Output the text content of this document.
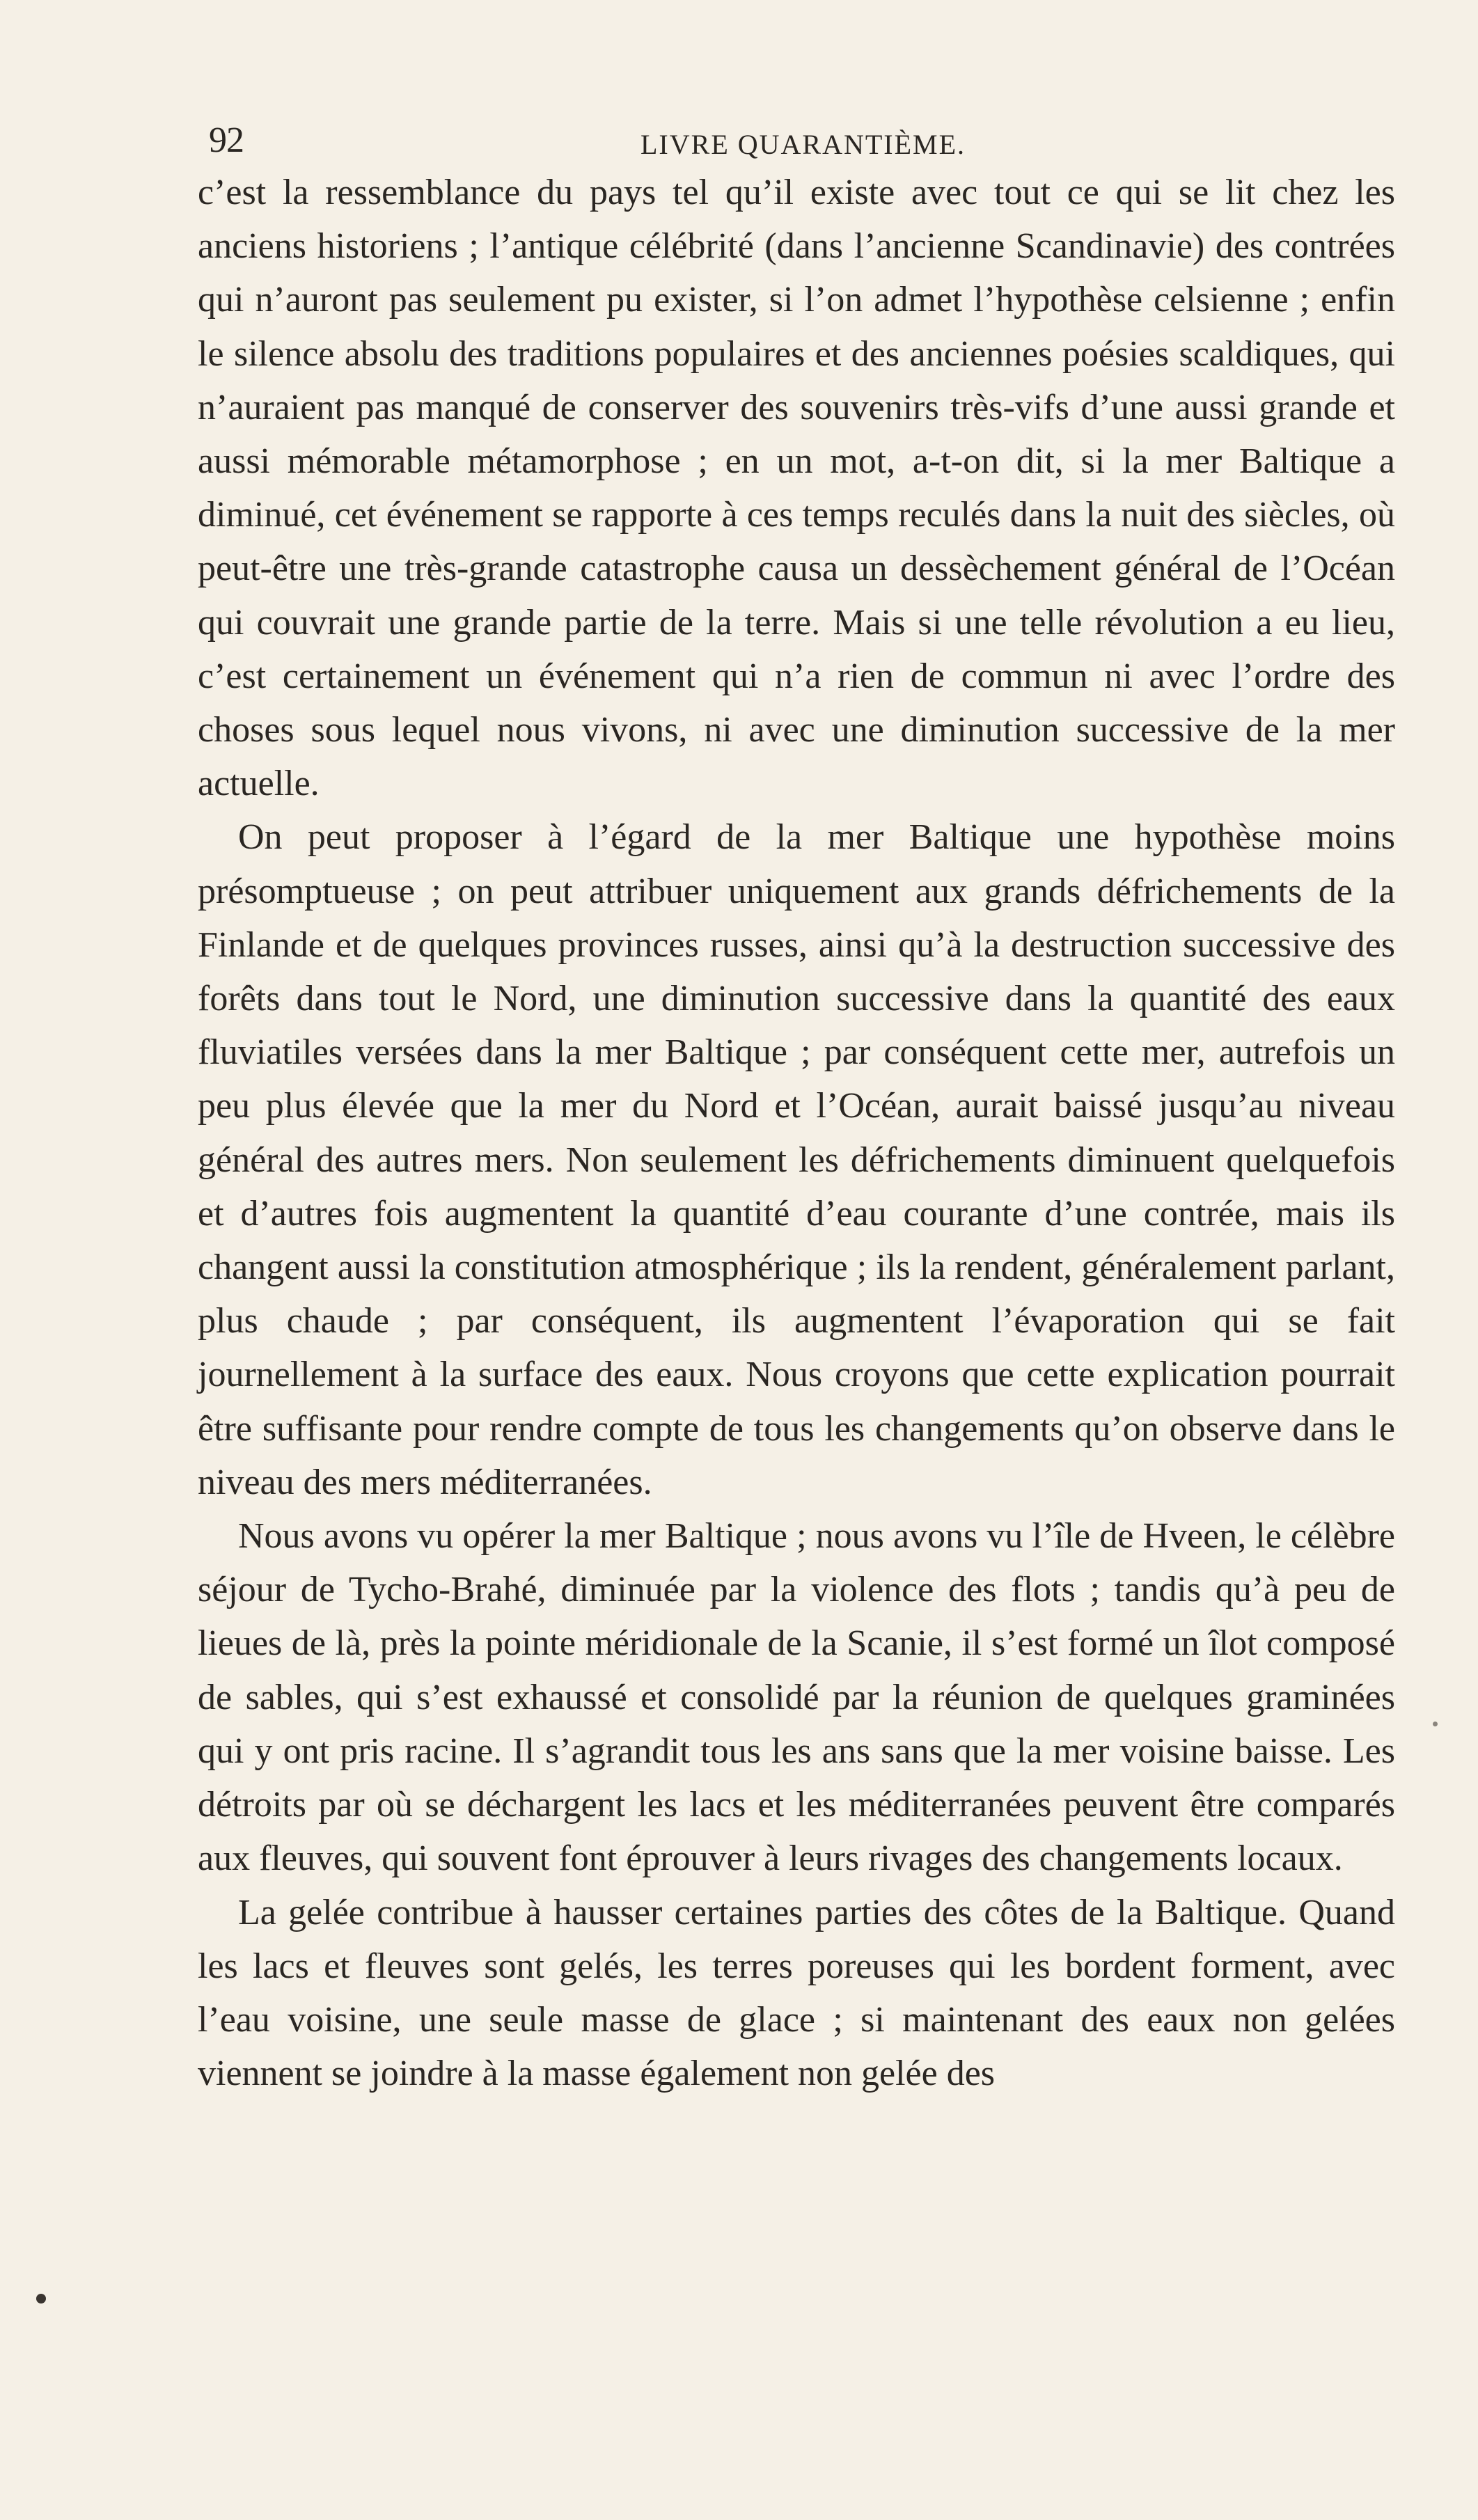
92	LIVRE QUARANTIÈME.

c’est la ressemblance du pays tel qu’il existe avec tout ce qui se lit chez les anciens historiens ; l’antique célébrité (dans l’ancienne Scandinavie) des contrées qui n’auront pas seulement pu exister, si l’on admet l’hypothèse celsienne ; enfin le silence absolu des traditions populaires et des anciennes poésies scaldiques, qui n’auraient pas manqué de conserver des souvenirs très-vifs d’une aussi grande et aussi mémorable métamorphose ; en un mot, a-t-on dit, si la mer Baltique a diminué, cet événement se rapporte à ces temps reculés dans la nuit des siècles, où peut-être une très-grande catastrophe causa un dessèchement général de l’Océan qui couvrait une grande partie de la terre. Mais si une telle révolution a eu lieu, c’est certainement un événement qui n’a rien de commun ni avec l’ordre des choses sous lequel nous vivons, ni avec une diminution successive de la mer actuelle.

On peut proposer à l’égard de la mer Baltique une hypothèse moins présomptueuse ; on peut attribuer uniquement aux grands défrichements de la Finlande et de quelques provinces russes, ainsi qu’à la destruction successive des forêts dans tout le Nord, une diminution successive dans la quantité des eaux fluviatiles versées dans la mer Baltique ; par conséquent cette mer, autrefois un peu plus élevée que la mer du Nord et l’Océan, aurait baissé jusqu’au niveau général des autres mers. Non seulement les défrichements diminuent quelquefois et d’autres fois augmentent la quantité d’eau courante d’une contrée, mais ils changent aussi la constitution atmosphérique ; ils la rendent, généralement parlant, plus chaude ; par conséquent, ils augmentent l’évaporation qui se fait journellement à la surface des eaux. Nous croyons que cette explication pourrait être suffisante pour rendre compte de tous les changements qu’on observe dans le niveau des mers méditerranées.

Nous avons vu opérer la mer Baltique ; nous avons vu l’île de Hveen, le célèbre séjour de Tycho-Brahé, diminuée par la violence des flots ; tandis qu’à peu de lieues de là, près la pointe méridionale de la Scanie, il s’est formé un îlot composé de sables, qui s’est exhaussé et consolidé par la réunion de quelques graminées qui y ont pris racine. Il s’agrandit tous les ans sans que la mer voisine baisse. Les détroits par où se déchargent les lacs et les méditerranées peuvent être comparés aux fleuves, qui souvent font éprouver à leurs rivages des changements locaux.

La gelée contribue à hausser certaines parties des côtes de la Baltique. Quand les lacs et fleuves sont gelés, les terres poreuses qui les bordent forment, avec l’eau voisine, une seule masse de glace ; si maintenant des eaux non gelées viennent se joindre à la masse également non gelée des
